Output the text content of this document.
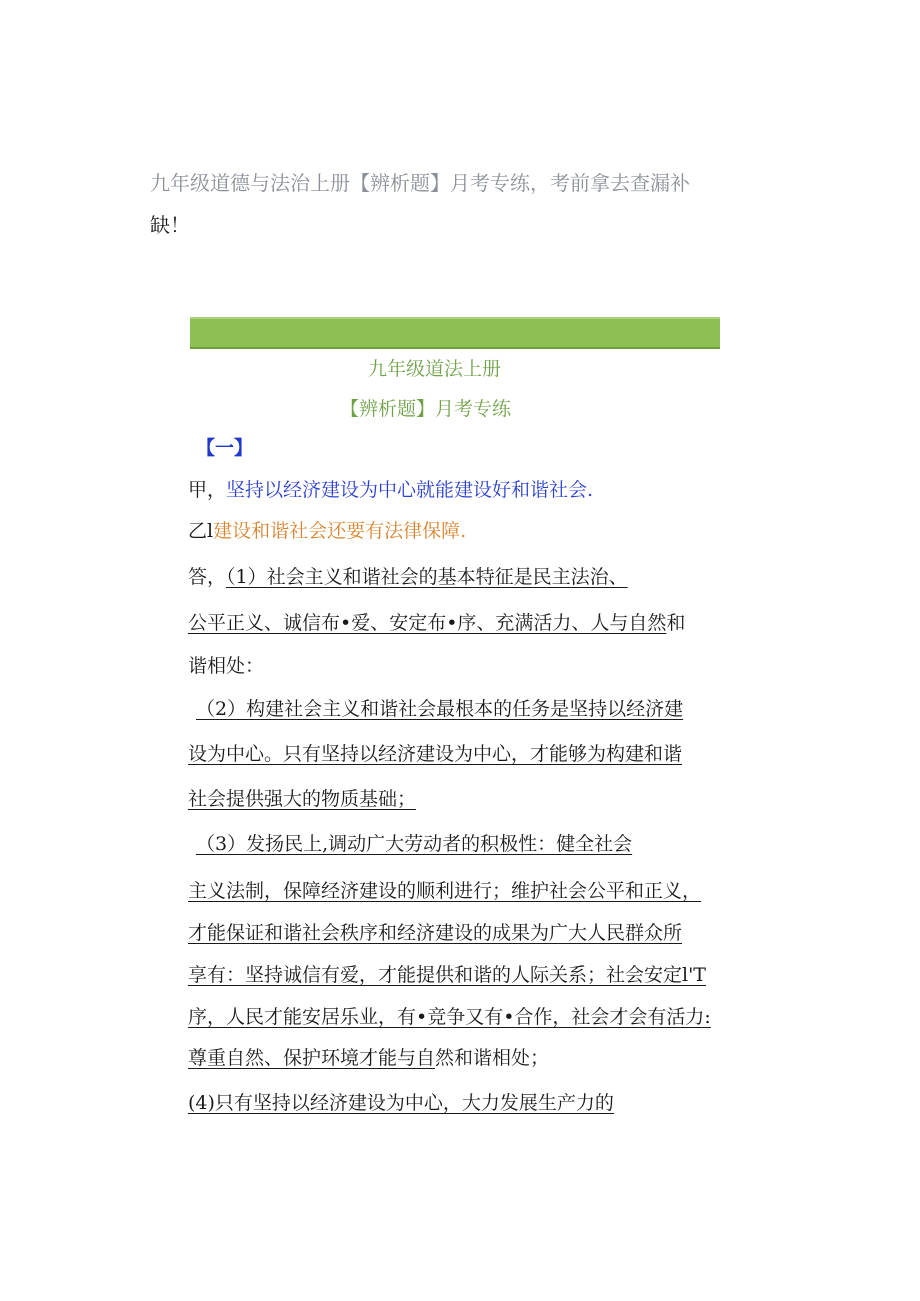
九年级道德与法治上册【辨析题】月考专练，考前拿去查漏补
缺！
九年级道法上册
【辨析题】月考专练
【一】
甲，坚持以经济建设为中心就能建设好和谐社会.
乙l建设和谐社会还要有法律保障.
答，（1）社会主义和谐社会的基本特征是民主法治、
公平正义、诚信布•爱、安定布•序、充满活力、人与自然和
谐相处：
（2）构建社会主义和谐社会最根本的任务是坚持以经济建
设为中心。只有坚持以经济建设为中心，才能够为构建和谐
社会提供强大的物质基础；
（3）发扬民上,调动广大劳动者的积极性：健全社会
主义法制，保障经济建设的顺利进行；维护社会公平和正义，
才能保证和谐社会秩序和经济建设的成果为广大人民群众所
享有：坚持诚信有爱，才能提供和谐的人际关系；社会安定l'T
序，人民才能安居乐业，有•竞争又有•合作，社会才会有活力:
尊重自然、保护环境才能与自然和谐相处；
(4)只有坚持以经济建设为中心，大力发展生产力的
